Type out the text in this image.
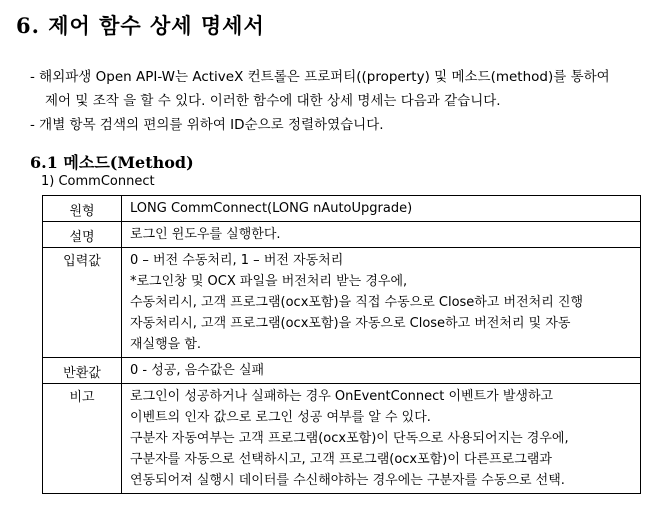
6. 제어 함수 상세 명세서
- 해외파생 Open API-W는 ActiveX 컨트롤은 프로퍼티((property) 및 메소드(method)를 통하여
제어 및 조작 을 할 수 있다. 이러한 함수에 대한 상세 명세는 다음과 같습니다.
- 개별 항목 검색의 편의를 위하여 ID순으로 정렬하였습니다.
6.1 메소드(Method)
1) CommConnect
원형	LONG CommConnect(LONG nAutoUpgrade)

설명	로그인 윈도우를 실행한다.

입력값	0 – 버전 수동처리, 1 – 버전 자동처리
*로그인창 및 OCX 파일을 버전처리 받는 경우에,
수동처리시, 고객 프로그램(ocx포함)을 직접 수동으로 Close하고 버전처리 진행
자동처리시, 고객 프로그램(ocx포함)을 자동으로 Close하고 버전처리 및 자동
재실행을 함.

반환값	0 - 성공, 음수값은 실패

비고	로그인이 성공하거나 실패하는 경우 OnEventConnect 이벤트가 발생하고
이벤트의 인자 값으로 로그인 성공 여부를 알 수 있다.
구분자 자동여부는 고객 프로그램(ocx포함)이 단독으로 사용되어지는 경우에,
구분자를 자동으로 선택하시고, 고객 프로그램(ocx포함)이 다른프로그램과
연동되어져 실행시 데이터를 수신해야하는 경우에는 구분자를 수동으로 선택.
